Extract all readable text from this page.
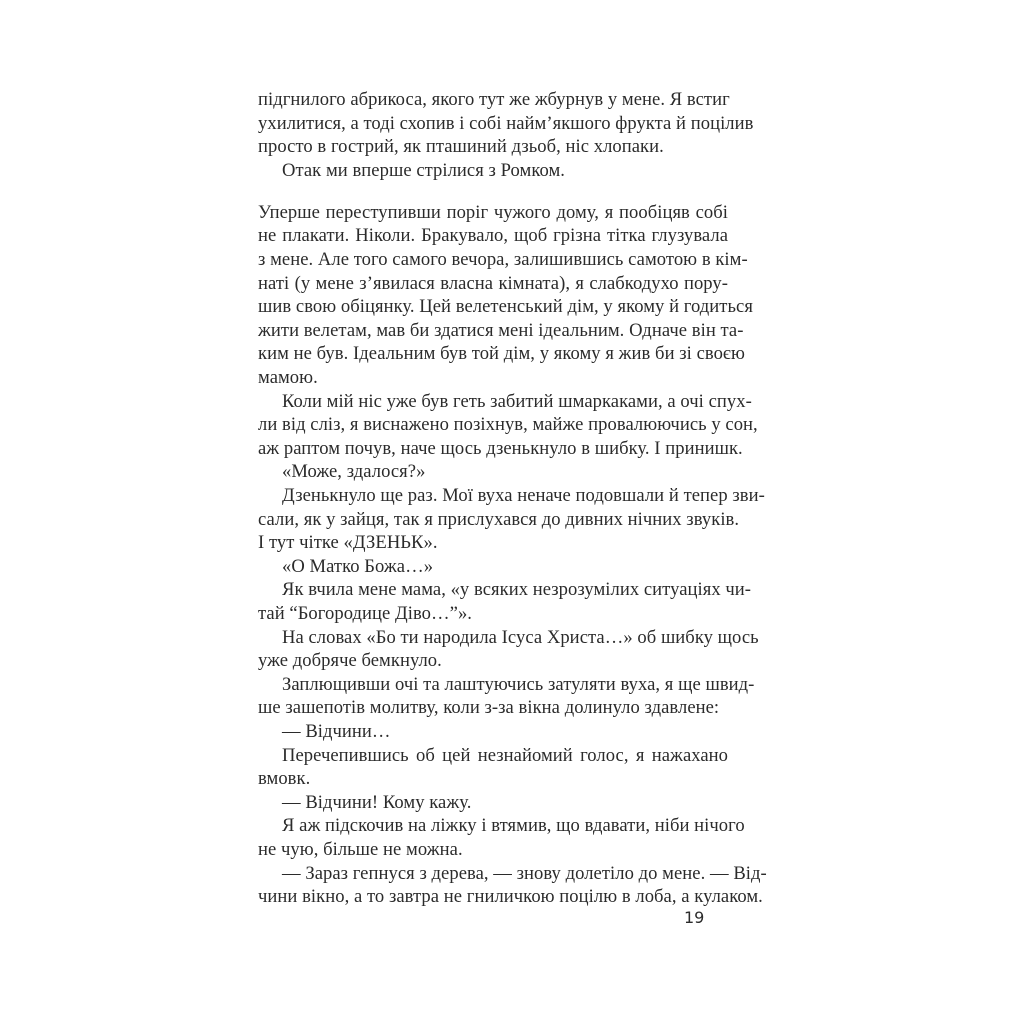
підгнилого абрикоса, якого тут же жбурнув у мене. Я встиг
ухилитися, а тоді схопив і собі найм’якшого фрукта й поцілив
просто в гострий, як пташиний дзьоб, ніс хлопаки.
Отак ми вперше стрілися з Ромком.
Уперше переступивши поріг чужого дому, я пообіцяв собі
не плакати. Ніколи. Бракувало, щоб грізна тітка глузувала
з мене. Але того самого вечора, залишившись самотою в кім-
наті (у мене з’явилася власна кімната), я слабкодухо пору-
шив свою обіцянку. Цей велетенський дім, у якому й годиться
жити велетам, мав би здатися мені ідеальним. Одначе він та-
ким не був. Ідеальним був той дім, у якому я жив би зі своєю
мамою.
Коли мій ніс уже був геть забитий шмаркаками, а очі спух-
ли від сліз, я виснажено позіхнув, майже провалюючись у сон,
аж раптом почув, наче щось дзенькнуло в шибку. І принишк.
«Може, здалося?»
Дзенькнуло ще раз. Мої вуха неначе подовшали й тепер зви-
сали, як у зайця, так я прислухався до дивних нічних звуків.
І тут чітке «ДЗЕНЬК».
«О Матко Божа…»
Як вчила мене мама, «у всяких незрозумілих ситуаціях чи-
тай “Богородице Діво…”».
На словах «Бо ти народила Ісуса Христа…» об шибку щось
уже добряче бемкнуло.
Заплющивши очі та лаштуючись затуляти вуха, я ще швид-
ше зашепотів молитву, коли з-за вікна долинуло здавлене:
— Відчини…
Перечепившись об цей незнайомий голос, я нажахано
вмовк.
— Відчини! Кому кажу.
Я аж підскочив на ліжку і втямив, що вдавати, ніби нічого
не чую, більше не можна.
— Зараз гепнуся з дерева, — знову долетіло до мене. — Від-
чини вікно, а то завтра не гниличкою поцілю в лоба, а кулаком.
19
